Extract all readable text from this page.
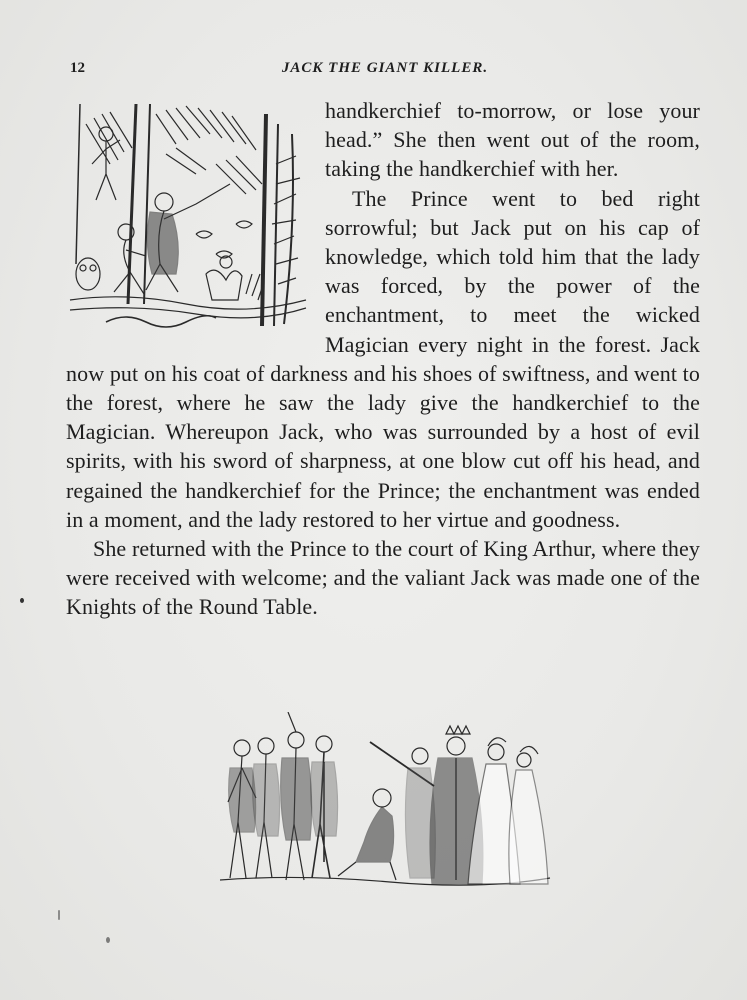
12	JACK THE GIANT KILLER.

handkerchief to-morrow, or lose your head.” She then went out of the room, taking the handkerchief with her.

The Prince went to bed right sorrowful; but Jack put on his cap of knowledge, which told him that the lady was forced, by the power of the enchantment, to meet the wicked Magician every night in the forest. Jack now put on his coat of darkness and his shoes of swiftness, and went to the forest, where he saw the lady give the handkerchief to the Magician. Whereupon Jack, who was surrounded by a host of evil spirits, with his sword of sharpness, at one blow cut off his head, and regained the handkerchief for the Prince; the enchantment was ended in a moment, and the lady restored to her virtue and goodness.

She returned with the Prince to the court of King Arthur, where they were received with welcome; and the valiant Jack was made one of the Knights of the Round Table.
